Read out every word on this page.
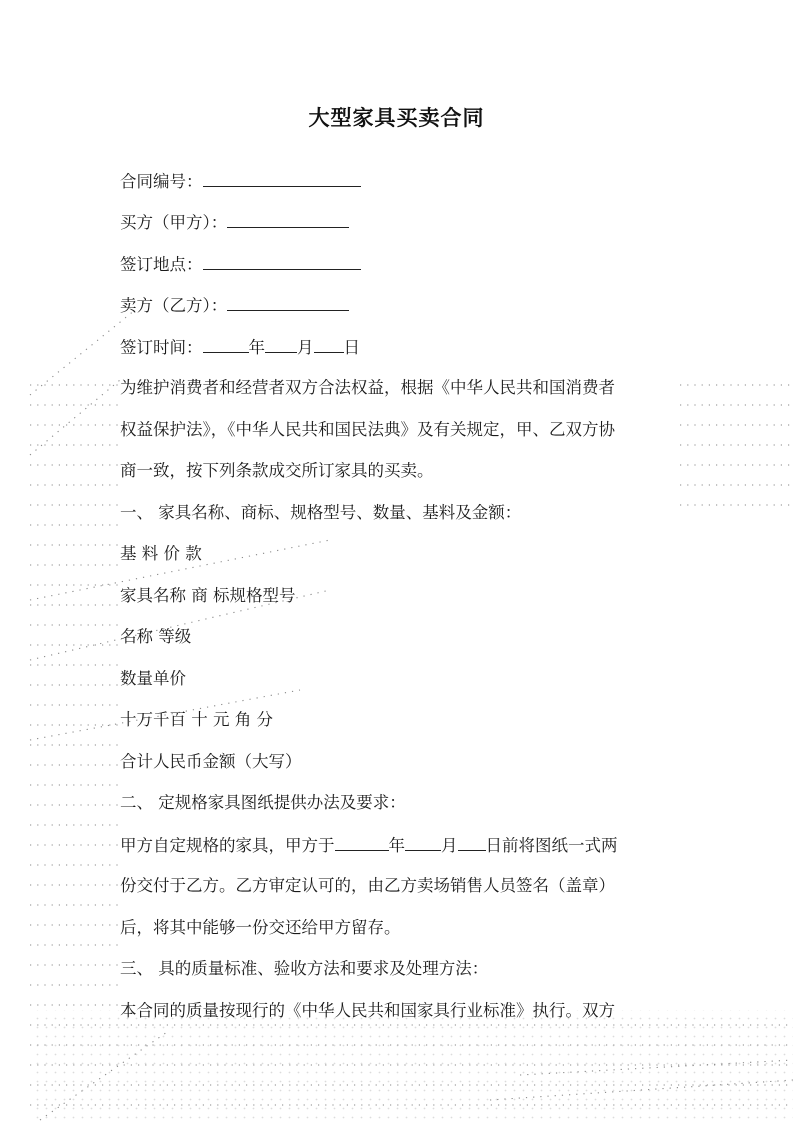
大型家具买卖合同
合同编号：
买方（甲方）：
签订地点：
卖方（乙方）：
签订时间：	年 月 日
为维护消费者和经营者双方合法权益，根据《中华人民共和国消费者
权益保护法》，《中华人民共和国民法典》及有关规定，甲、乙双方协
商一致，按下列条款成交所订家具的买卖。
一、 家具名称、商标、规格型号、数量、基料及金额：
基 料 价 款
家具名称 商 标规格型号
名称 等级
数量单价
十万千百 十 元 角 分
合计人民币金额（大写）
二、 定规格家具图纸提供办法及要求：
甲方自定规格的家具，甲方于	年 月 日前将图纸一式两
份交付于乙方。乙方审定认可的，由乙方卖场销售人员签名（盖章）
后，将其中能够一份交还给甲方留存。
三、 具的质量标准、验收方法和要求及处理方法：
本合同的质量按现行的《中华人民共和国家具行业标准》执行。双方
